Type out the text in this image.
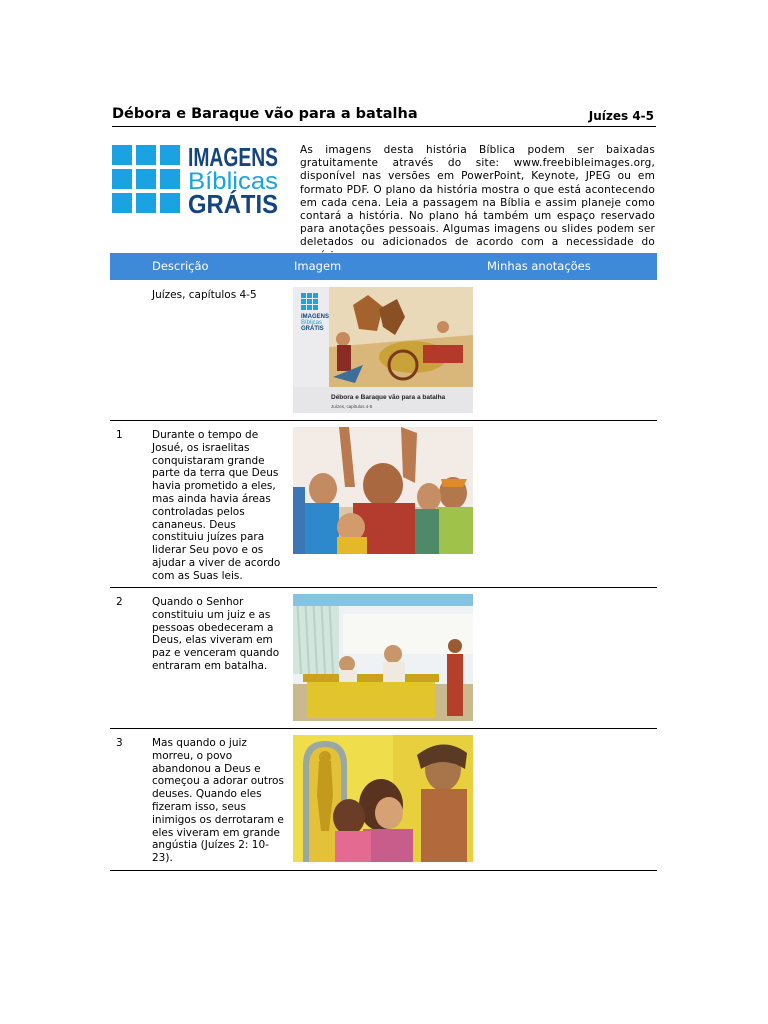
Débora e Baraque vão para a batalha	Juízes 4-5
IMAGENS
Bíblicas
GRÁTIS
As imagens desta história Bíblica podem ser baixadas gratuitamente através do site: www.freebibleimages.org, disponível nas versões em PowerPoint, Keynote, JPEG ou em formato PDF. O plano da história mostra o que está acontecendo em cada cena. Leia a passagem na Bíblia e assim planeje como contará a história. No plano há também um espaço reservado para anotações pessoais. Algumas imagens ou slides podem ser deletados ou adicionados de acordo com a necessidade do
Descrição	Imagem	Minhas anotações
Juízes, capítulos 4-5
IMAGENS
Bíblicas
GRÁTIS
Débora e Baraque vão para a batalha
Juízes, capítulos 4-5
1	Durante o tempo de Josué, os israelitas conquistaram grande parte da terra que Deus havia prometido a eles, mas ainda havia áreas controladas pelos cananeus. Deus constituiu juízes para liderar Seu povo e os ajudar a viver de acordo com as Suas leis.
2	Quando o Senhor constituiu um juiz e as pessoas obedeceram a Deus, elas viveram em paz e venceram quando entraram em batalha.
3	Mas quando o juiz morreu, o povo abandonou a Deus e começou a adorar outros deuses. Quando eles fizeram isso, seus inimigos os derrotaram e eles viveram em grande angústia (Juízes 2: 10-23).
